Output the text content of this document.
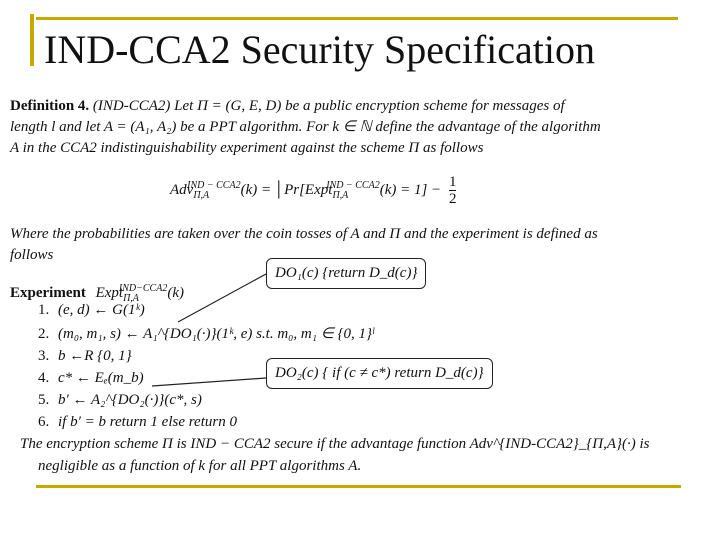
IND-CCA2 Security Specification
Definition 4. (IND-CCA2) Let Π = (G, E, D) be a public encryption scheme for messages of
length l and let A = (A₁, A₂) be a PPT algorithm. For k ∈ ℕ define the advantage of the algorithm
A in the CCA2 indistinguishability experiment against the scheme Π as follows
Adv$_{\Pi,A}^{IND - CCA2}$(k) = │Pr[Expt$_{\Pi,A}^{IND - CCA2}$(k) = $1] - \frac{1}{2}$
Where the probabilities are taken over the coin tosses of A and Π and the experiment is defined as
follows
Experiment Expt$_{\Pi,A}^{IND-CCA2}$(k)
1. (e, d) ← G(1ᵏ)
2. (m₀, m₁, s) ← A₁^{DO₁(·)}(1ᵏ, e) s.t. m₀, m₁ ∈ {0, 1}ˡ
3. b ←R {0, 1}
4. c* ← Eₑ(m_b)
5. b′ ← A₂^{DO₂(·)}(c*, s)
6. if b′ = b return 1 else return 0
DO₁(c) {return D_d(c)}
DO₂(c) { if (c ≠ c*) return D_d(c)}
The encryption scheme Π is IND − CCA2 secure if the advantage function Adv^{IND-CCA2}_{Π,A}(·) is
negligible as a function of k for all PPT algorithms A.
